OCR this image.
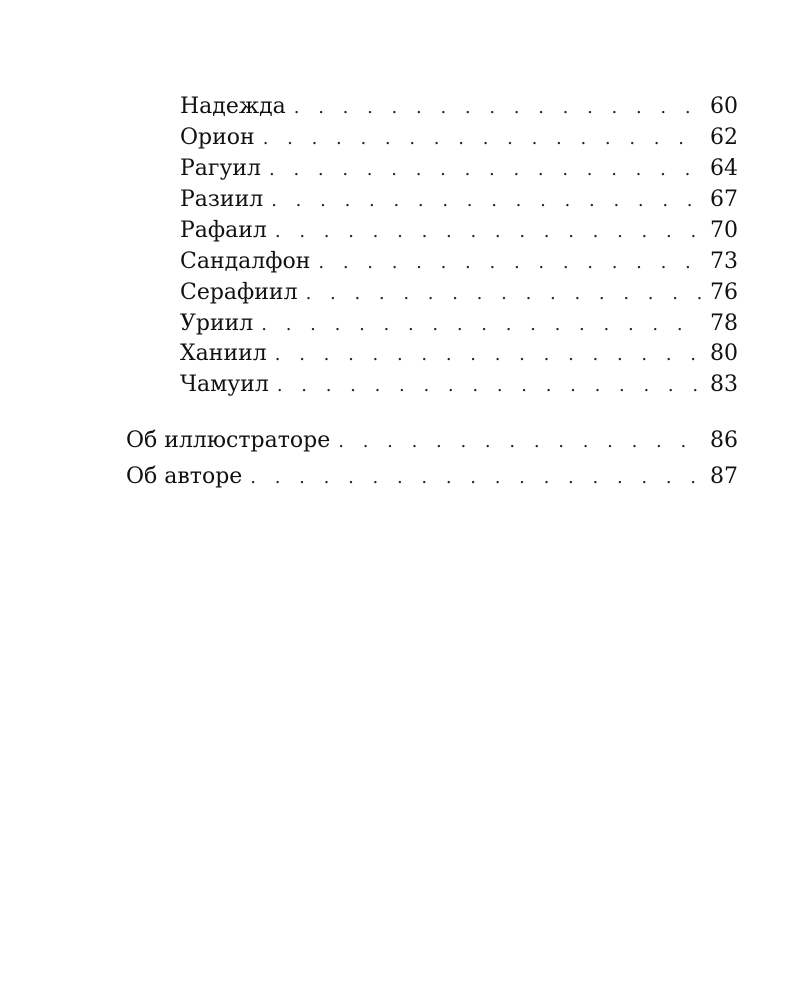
Надежда . . .	60
Орион . . .	62
Рагуил . . .	64
Разиил . . .	67
Рафаил . . .	70
Сандалфон . . .	73
Серафиил . . .	76
Уриил . . .	78
Ханиил . . .	80
Чамуил . . .	83
Об иллюстраторе . . .	86
Об авторе . . .	87
